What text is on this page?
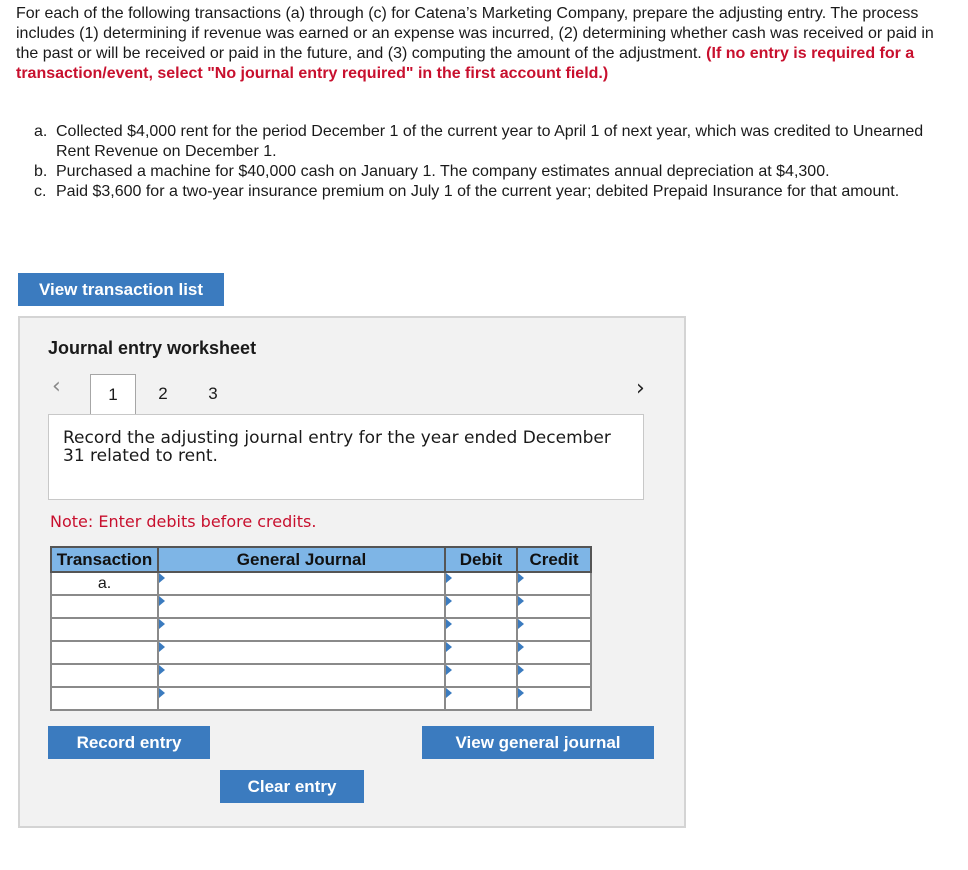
For each of the following transactions (a) through (c) for Catena’s Marketing Company, prepare the adjusting entry. The process includes (1) determining if revenue was earned or an expense was incurred, (2) determining whether cash was received or paid in the past or will be received or paid in the future, and (3) computing the amount of the adjustment. (If no entry is required for a transaction/event, select "No journal entry required" in the first account field.)

a. Collected $4,000 rent for the period December 1 of the current year to April 1 of next year, which was credited to Unearned Rent Revenue on December 1.
b. Purchased a machine for $40,000 cash on January 1. The company estimates annual depreciation at $4,300.
c. Paid $3,600 for a two-year insurance premium on July 1 of the current year; debited Prepaid Insurance for that amount.
View transaction list
Journal entry worksheet
‹	1	2	3	›
Record the adjusting journal entry for the year ended December 31 related to rent.
Note: Enter debits before credits.
Transaction	General Journal	Debit	Credit
a.	

Record entry	View general journal
Clear entry
